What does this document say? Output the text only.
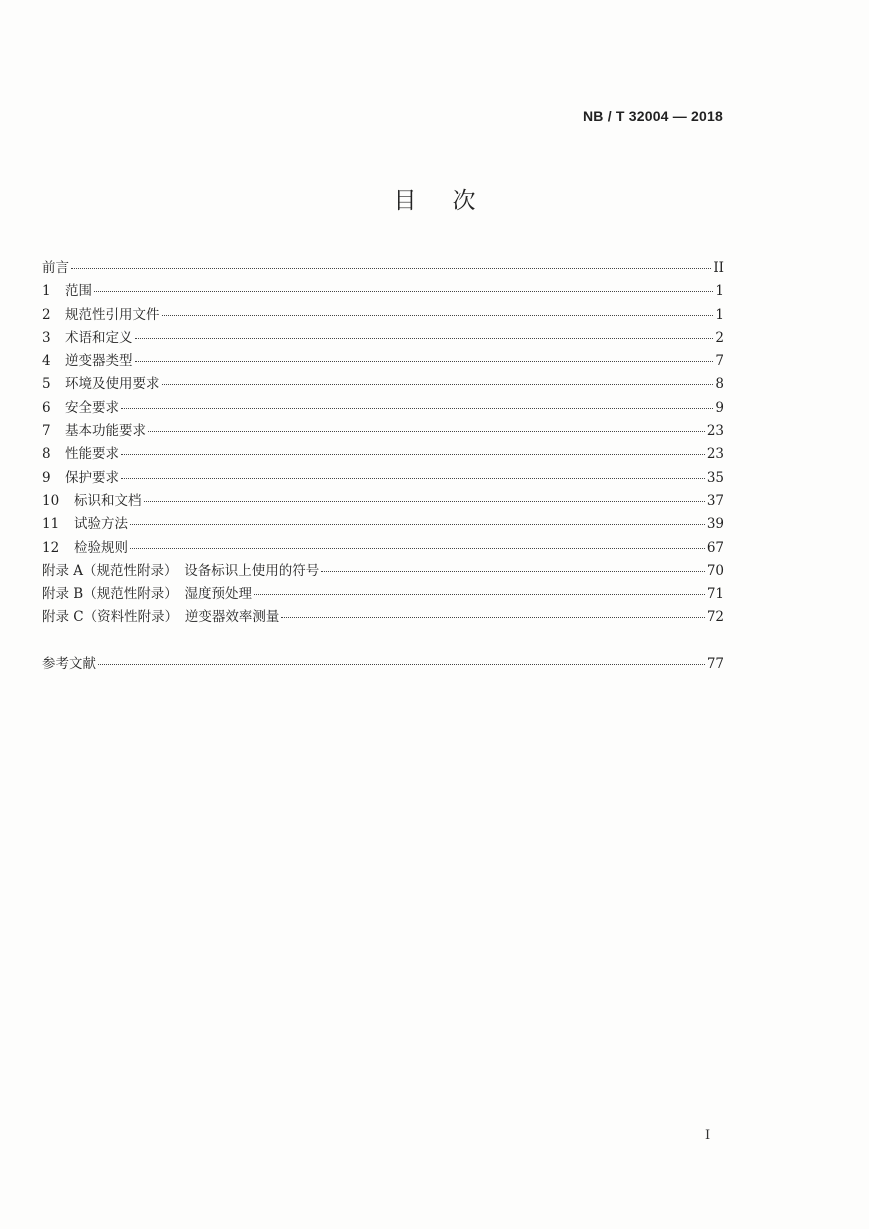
NB / T 32004 — 2018
目次
前言	II
1	范围	1
2	规范性引用文件	1
3	术语和定义	2
4	逆变器类型	7
5	环境及使用要求	8
6	安全要求	9
7	基本功能要求	23
8	性能要求	23
9	保护要求	35
10	标识和文档	37
11	试验方法	39
12	检验规则	67
附录 A（规范性附录）　设备标识上使用的符号	70
附录 B（规范性附录）　湿度预处理	71
附录 C（资料性附录）　逆变器效率测量	72
参考文献	77
I
